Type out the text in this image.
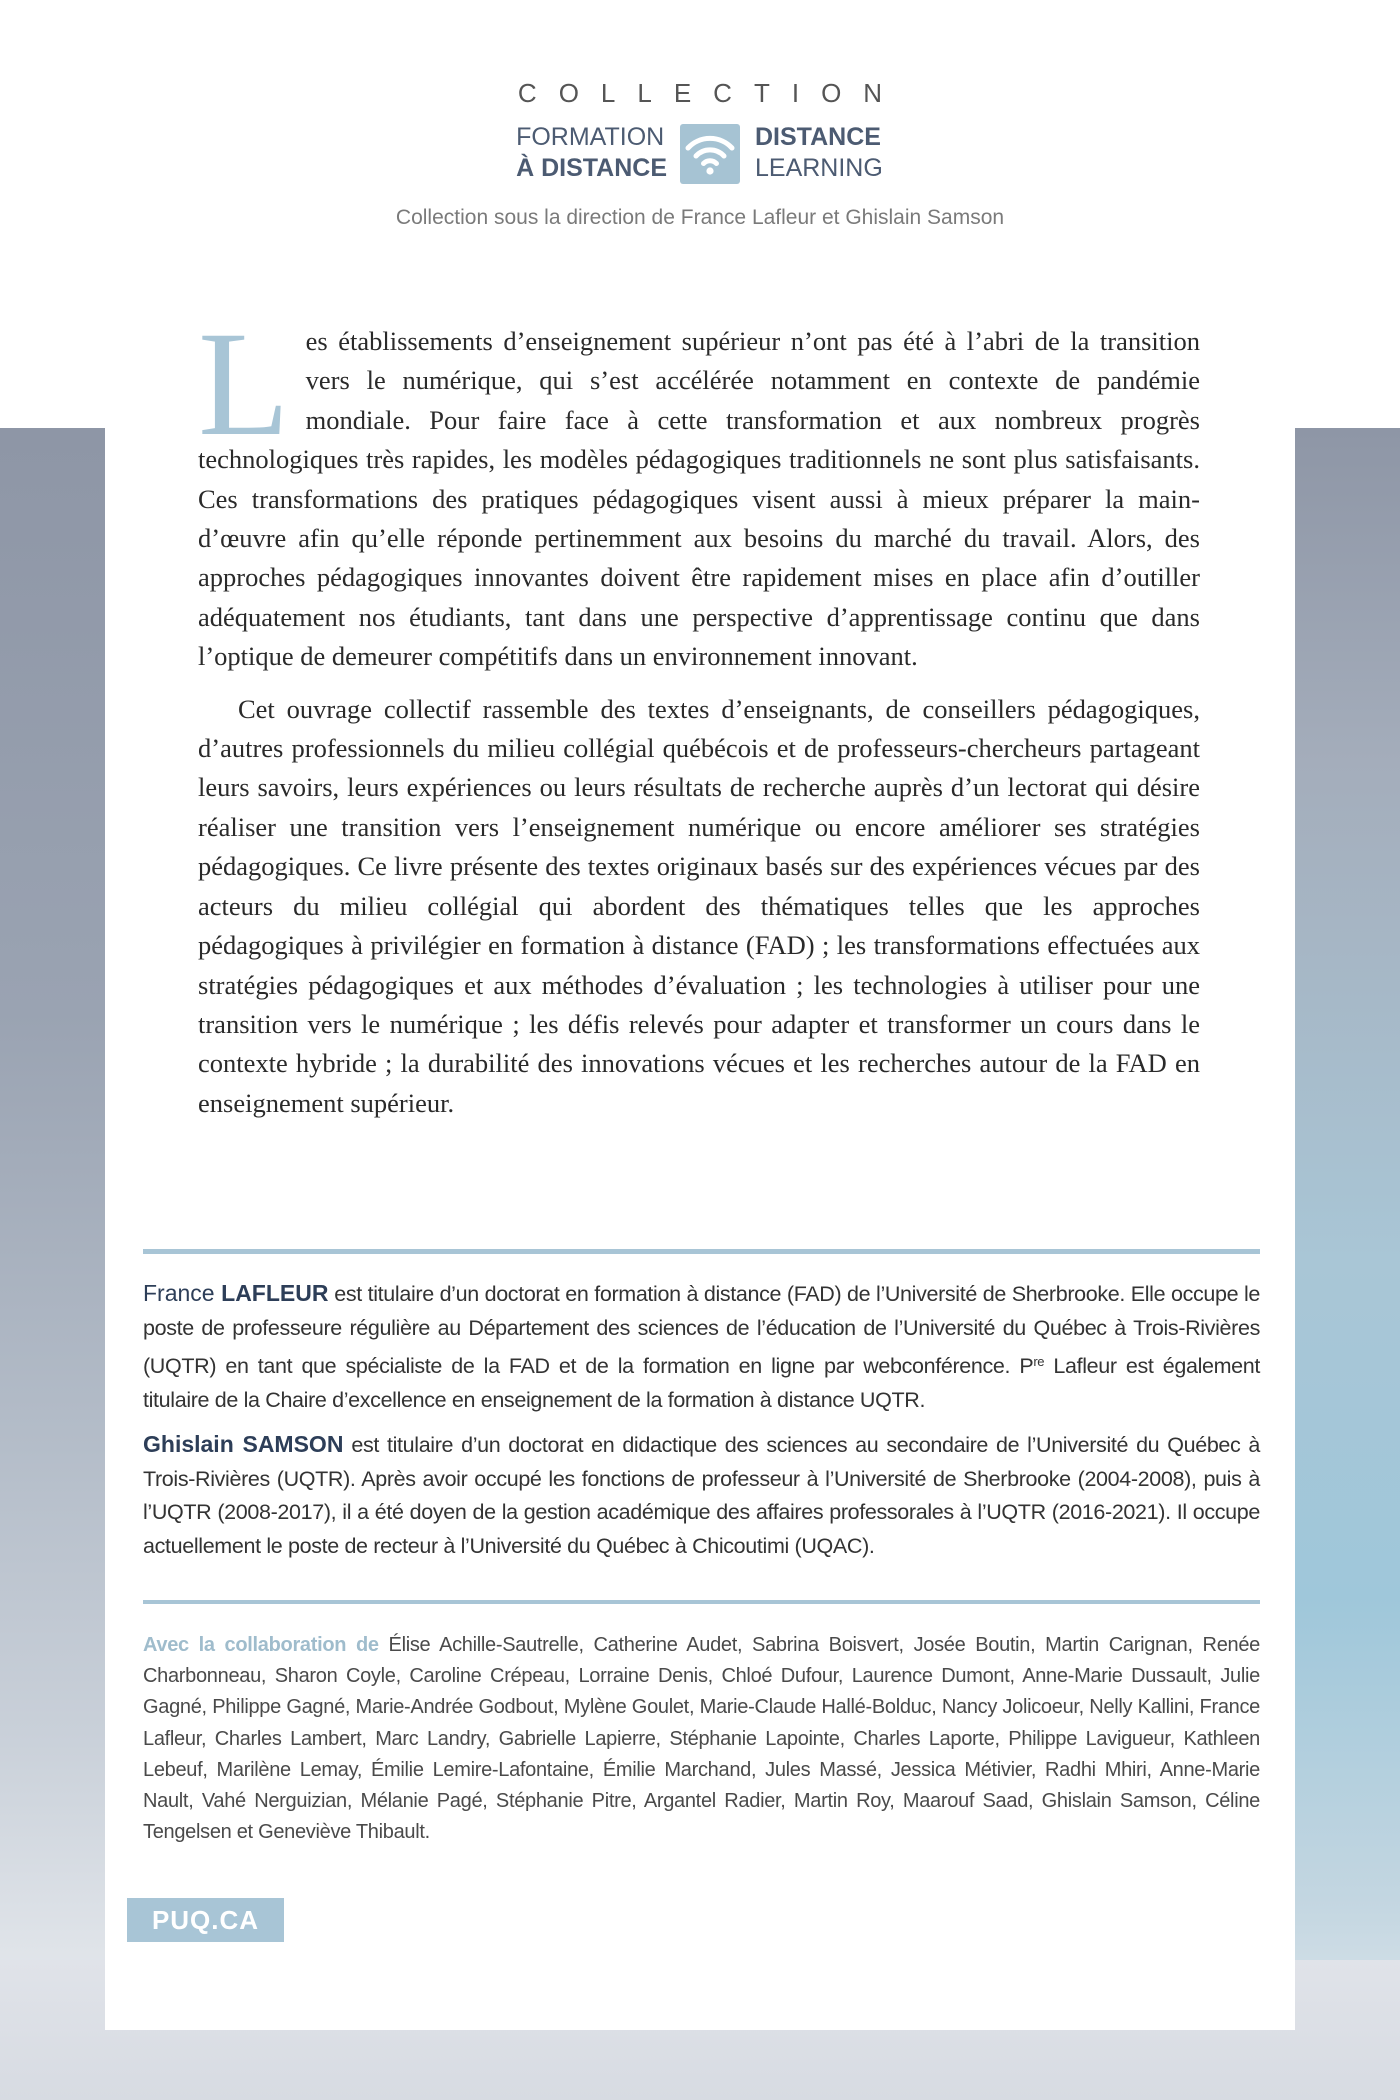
COLLECTION
FORMATION
À DISTANCE
DISTANCE
LEARNING
Collection sous la direction de France Lafleur et Ghislain Samson

Les établissements d’enseignement supérieur n’ont pas été à l’abri de la transition vers le numérique, qui s’est accélérée notamment en contexte de pandémie mondiale. Pour faire face à cette transformation et aux nombreux progrès technologiques très rapides, les modèles pédagogiques traditionnels ne sont plus satisfaisants. Ces transformations des pratiques pédagogiques visent aussi à mieux préparer la main-d’œuvre afin qu’elle réponde pertinemment aux besoins du marché du travail. Alors, des approches pédagogiques innovantes doivent être rapidement mises en place afin d’outiller adéquatement nos étudiants, tant dans une perspective d’apprentissage continu que dans l’optique de demeurer compétitifs dans un environnement innovant.

Cet ouvrage collectif rassemble des textes d’enseignants, de conseillers pédagogiques, d’autres professionnels du milieu collégial québécois et de professeurs-chercheurs partageant leurs savoirs, leurs expériences ou leurs résultats de recherche auprès d’un lectorat qui désire réaliser une transition vers l’enseignement numérique ou encore améliorer ses stratégies pédagogiques. Ce livre présente des textes originaux basés sur des expériences vécues par des acteurs du milieu collégial qui abordent des thématiques telles que les approches pédagogiques à privilégier en formation à distance (FAD) ; les transformations effectuées aux stratégies pédagogiques et aux méthodes d’évaluation ; les technologies à utiliser pour une transition vers le numérique ; les défis relevés pour adapter et transformer un cours dans le contexte hybride ; la durabilité des innovations vécues et les recherches autour de la FAD en enseignement supérieur.

France LAFLEUR est titulaire d’un doctorat en formation à distance (FAD) de l’Université de Sherbrooke. Elle occupe le poste de professeure régulière au Département des sciences de l’éducation de l’Université du Québec à Trois-Rivières (UQTR) en tant que spécialiste de la FAD et de la formation en ligne par webconférence. $P^{re}$ Lafleur est également titulaire de la Chaire d’excellence en enseignement de la formation à distance UQTR.

Ghislain SAMSON est titulaire d’un doctorat en didactique des sciences au secondaire de l’Université du Québec à Trois-Rivières (UQTR). Après avoir occupé les fonctions de professeur à l’Université de Sherbrooke (2004-2008), puis à l’UQTR (2008-2017), il a été doyen de la gestion académique des affaires professorales à l’UQTR (2016-2021). Il occupe actuellement le poste de recteur à l’Université du Québec à Chicoutimi (UQAC).

Avec la collaboration de Élise Achille-Sautrelle, Catherine Audet, Sabrina Boisvert, Josée Boutin, Martin Carignan, Renée Charbonneau, Sharon Coyle, Caroline Crépeau, Lorraine Denis, Chloé Dufour, Laurence Dumont, Anne-Marie Dussault, Julie Gagné, Philippe Gagné, Marie-Andrée Godbout, Mylène Goulet, Marie-Claude Hallé-Bolduc, Nancy Jolicoeur, Nelly Kallini, France Lafleur, Charles Lambert, Marc Landry, Gabrielle Lapierre, Stéphanie Lapointe, Charles Laporte, Philippe Lavigueur, Kathleen Lebeuf, Marilène Lemay, Émilie Lemire-Lafontaine, Émilie Marchand, Jules Massé, Jessica Métivier, Radhi Mhiri, Anne-Marie Nault, Vahé Nerguizian, Mélanie Pagé, Stéphanie Pitre, Argantel Radier, Martin Roy, Maarouf Saad, Ghislain Samson, Céline Tengelsen et Geneviève Thibault.
PUQ.CA
